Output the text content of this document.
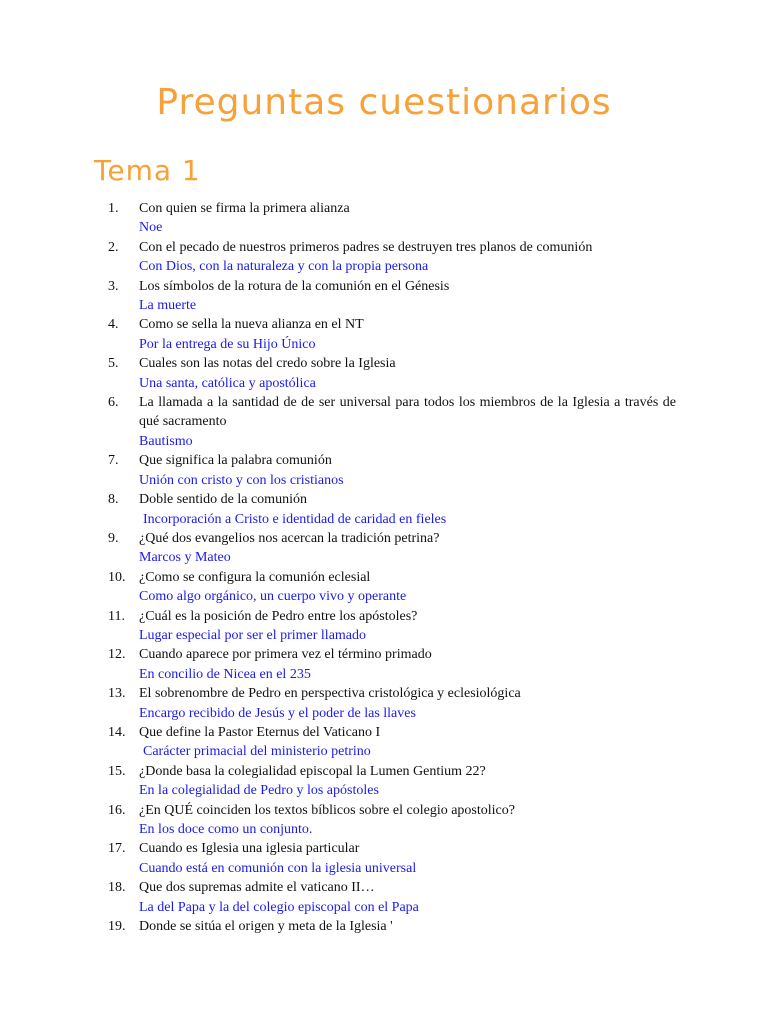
Preguntas cuestionarios
Tema 1
1.	Con quien se firma la primera alianza
Noe
2.	Con el pecado de nuestros primeros padres se destruyen tres planos de comunión
Con Dios, con la naturaleza y con la propia persona
3.	Los símbolos de la rotura de la comunión en el Génesis
La muerte
4.	Como se sella la nueva alianza en el NT
Por la entrega de su Hijo Único
5.	Cuales son las notas del credo sobre la Iglesia
Una santa, católica y apostólica
6.	La llamada a la santidad de de ser universal para todos los miembros de la Iglesia a través de qué sacramento
Bautismo
7.	Que significa la palabra comunión
Unión con cristo y con los cristianos
8.	Doble sentido de la comunión
Incorporación a Cristo e identidad de caridad en fieles
9.	¿Qué dos evangelios nos acercan la tradición petrina?
Marcos y Mateo
10. ¿Como se configura la comunión eclesial
Como algo orgánico, un cuerpo vivo y operante
11.	¿Cuál es la posición de Pedro entre los apóstoles?
Lugar especial por ser el primer llamado
12. Cuando aparece por primera vez el término primado
En concilio de Nicea en el 235
13. El sobrenombre de Pedro en perspectiva cristológica y eclesiológica
Encargo recibido de Jesús y el poder de las llaves
14. Que define la Pastor Eternus del Vaticano I
Carácter primacial del ministerio petrino
15. ¿Donde basa la colegialidad episcopal la Lumen Gentium 22?
En la colegialidad de Pedro y los apóstoles
16. ¿En QUÉ coinciden los textos bíblicos sobre el colegio apostolico?
En los doce como un conjunto.
17. Cuando es Iglesia una iglesia particular
Cuando está en comunión con la iglesia universal
18. Que dos supremas admite el vaticano II…
La del Papa y la del colegio episcopal con el Papa
19. Donde se sitúa el origen y meta de la Iglesia '
